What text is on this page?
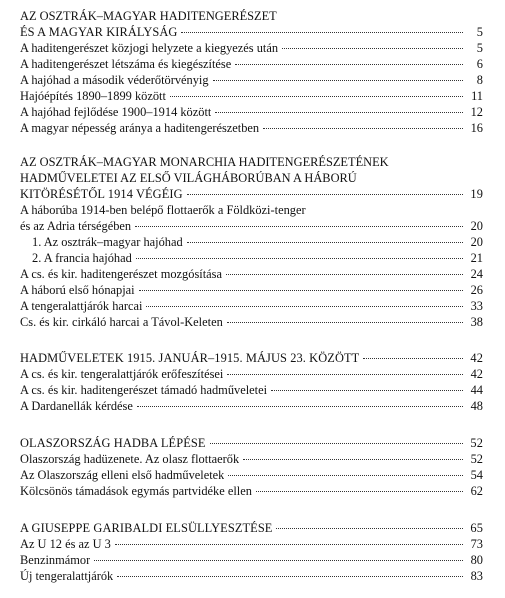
AZ OSZTRÁK–MAGYAR HADITENGERÉSZET
ÉS A MAGYAR KIRÁLYSÁG	5
A haditengerészet közjogi helyzete a kiegyezés után	5
A haditengerészet létszáma és kiegészítése	6
A hajóhad a második véderőtörvényig	8
Hajóépítés 1890–1899 között	11
A hajóhad fejlődése 1900–1914 között	12
A magyar népesség aránya a haditengerészetben	16
AZ OSZTRÁK–MAGYAR MONARCHIA HADITENGERÉSZETÉNEK
HADMŰVELETEI AZ ELSŐ VILÁGHÁBORÚBAN A HÁBORÚ
KITÖRÉSÉTŐL 1914 VÉGÉIG	19
A háborúba 1914-ben belépő flottaerők a Földközi-tenger
és az Adria térségében	20
1. Az osztrák–magyar hajóhad	20
2. A francia hajóhad	21
A cs. és kir. haditengerészet mozgósítása	24
A háború első hónapjai	26
A tengeralattjárók harcai	33
Cs. és kir. cirkáló harcai a Távol-Keleten	38
HADMŰVELETEK 1915. JANUÁR–1915. MÁJUS 23. KÖZÖTT	42
A cs. és kir. tengeralattjárók erőfeszítései	42
A cs. és kir. haditengerészet támadó hadműveletei	44
A Dardanellák kérdése	48
OLASZORSZÁG HADBA LÉPÉSE	52
Olaszország hadüzenete. Az olasz flottaerők	52
Az Olaszország elleni első hadműveletek	54
Kölcsönös támadások egymás partvidéke ellen	62
A GIUSEPPE GARIBALDI ELSÜLLYESZTÉSE	65
Az U 12 és az U 3	73
Benzinmámor	80
Új tengeralattjárók	83
